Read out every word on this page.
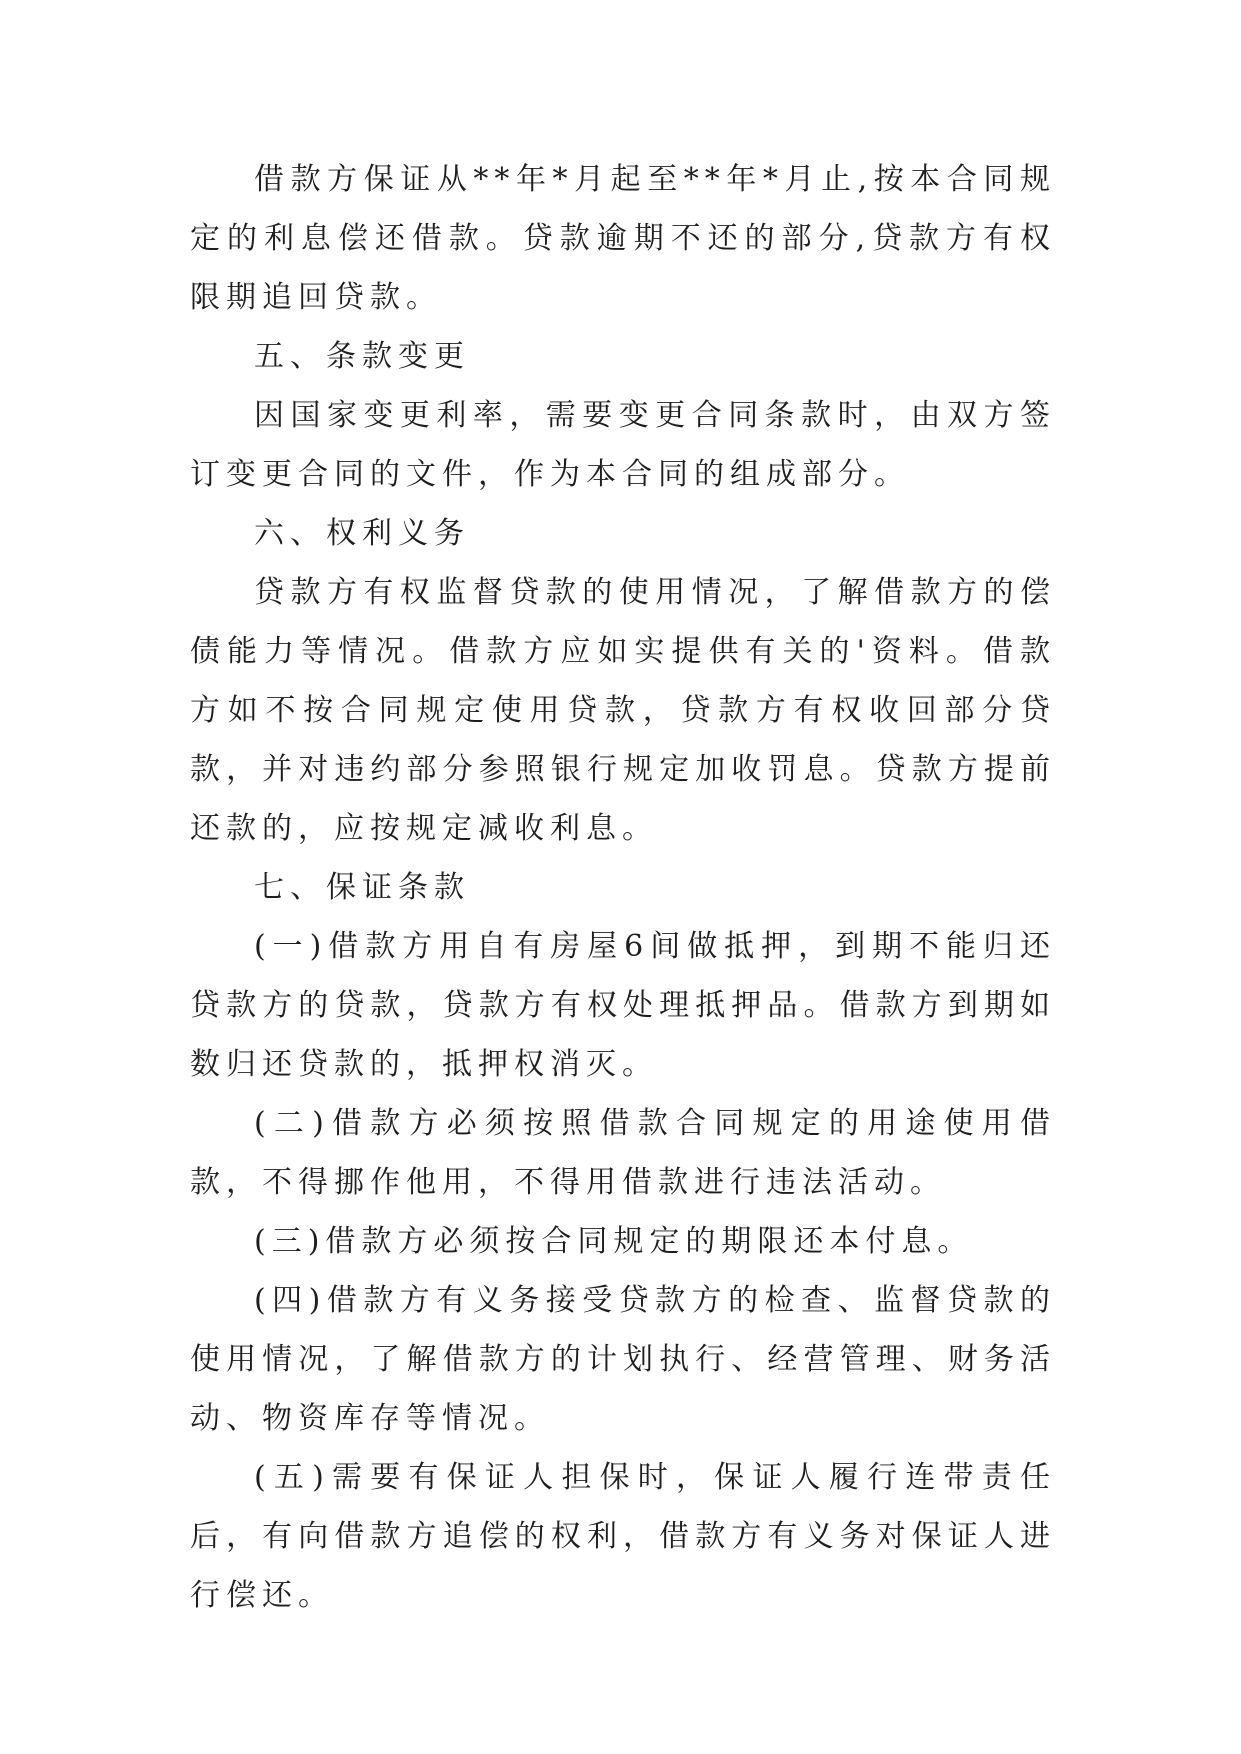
借款方保证从**年*月起至**年*月止,按本合同规定的利息偿还借款。贷款逾期不还的部分,贷款方有权限期追回贷款。

五、条款变更

因国家变更利率，需要变更合同条款时，由双方签订变更合同的文件，作为本合同的组成部分。

六、权利义务

贷款方有权监督贷款的使用情况，了解借款方的偿债能力等情况。借款方应如实提供有关的'资料。借款方如不按合同规定使用贷款，贷款方有权收回部分贷款，并对违约部分参照银行规定加收罚息。贷款方提前还款的，应按规定减收利息。

七、保证条款

(一)借款方用自有房屋6间做抵押，到期不能归还贷款方的贷款，贷款方有权处理抵押品。借款方到期如数归还贷款的，抵押权消灭。

(二)借款方必须按照借款合同规定的用途使用借款，不得挪作他用，不得用借款进行违法活动。

(三)借款方必须按合同规定的期限还本付息。

(四)借款方有义务接受贷款方的检查、监督贷款的使用情况，了解借款方的计划执行、经营管理、财务活动、物资库存等情况。

(五)需要有保证人担保时，保证人履行连带责任后，有向借款方追偿的权利，借款方有义务对保证人进行偿还。
